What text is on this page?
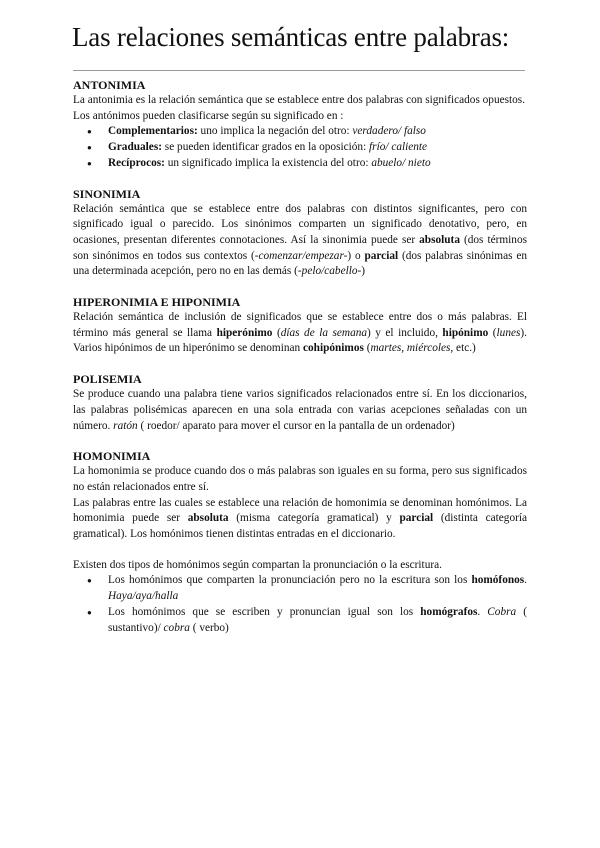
Las relaciones semánticas entre palabras:
ANTONIMIA

La antonimia es la relación semántica que se establece entre dos palabras con significados opuestos. Los antónimos pueden clasificarse según su significado en :

● Complementarios: uno implica la negación del otro: verdadero/ falso
● Graduales: se pueden identificar grados en la oposición: frío/ caliente
● Recíprocos: un significado implica la existencia del otro: abuelo/ nieto
SINONIMIA

Relación semántica que se establece entre dos palabras con distintos significantes, pero con significado igual o parecido. Los sinónimos comparten un significado denotativo, pero, en ocasiones, presentan diferentes connotaciones. Así la sinonimia puede ser absoluta (dos términos son sinónimos en todos sus contextos (-comenzar/empezar-) o parcial (dos palabras sinónimas en una determinada acepción, pero no en las demás (-pelo/cabello-)

HIPERONIMIA E HIPONIMIA

Relación semántica de inclusión de significados que se establece entre dos o más palabras. El término más general se llama hiperónimo (días de la semana) y el incluido, hipónimo (lunes). Varios hipónimos de un hiperónimo se denominan cohipónimos (martes, miércoles, etc.)

POLISEMIA

Se produce cuando una palabra tiene varios significados relacionados entre sí. En los diccionarios, las palabras polisémicas aparecen en una sola entrada con varias acepciones señaladas con un número. ratón ( roedor/ aparato para mover el cursor en la pantalla de un ordenador)

HOMONIMIA

La homonimia se produce cuando dos o más palabras son iguales en su forma, pero sus significados no están relacionados entre sí.

Las palabras entre las cuales se establece una relación de homonimia se denominan homónimos. La homonimia puede ser absoluta (misma categoría gramatical) y parcial (distinta categoría gramatical). Los homónimos tienen distintas entradas en el diccionario.

Existen dos tipos de homónimos según compartan la pronunciación o la escritura.

● Los homónimos que comparten la pronunciación pero no la escritura son los homófonos. Haya/aya/halla
● Los homónimos que se escriben y pronuncian igual son los homógrafos. Cobra ( sustantivo)/ cobra ( verbo)
